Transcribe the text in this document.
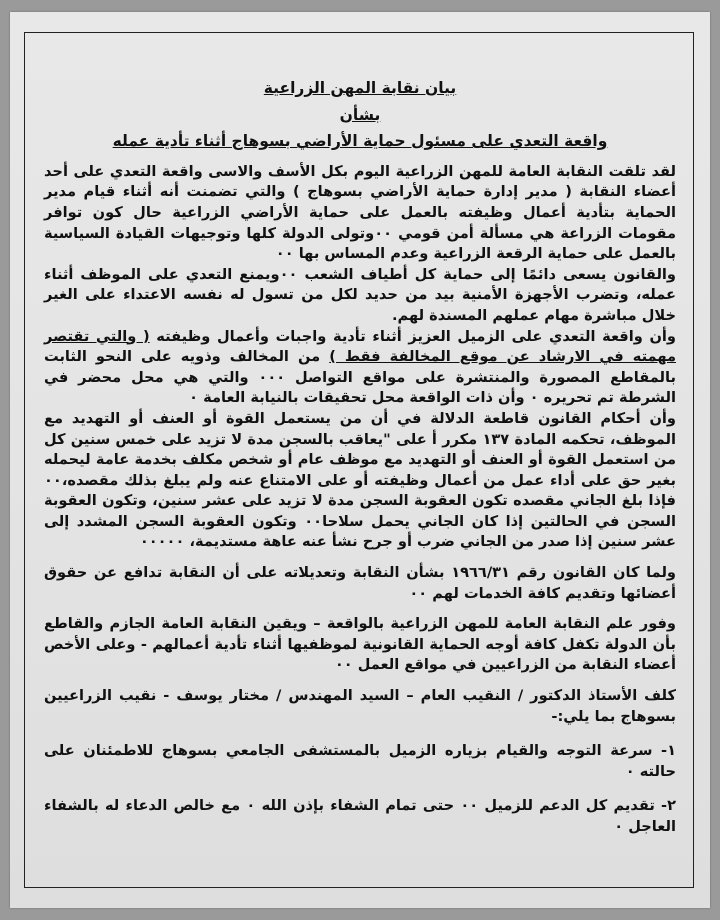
بيان نقابة المهن الزراعية

بشأن

واقعة التعدي على مسئول حماية الأراضي بسوهاج أثناء تأدية عمله

لقد تلقت النقابة العامة للمهن الزراعية اليوم بكل الأسف والاسى واقعة التعدي على أحد أعضاء النقابة ( مدير إدارة حماية الأراضي بسوهاج ) والتي تضمنت أنه أثناء قيام مدير الحماية بتأدية أعمال وظيفته بالعمل على حماية الأراضي الزراعية حال كون توافر مقومات الزراعة هي مسألة أمن قومي ٠٠وتولى الدولة كلها وتوجيهات القيادة السياسية بالعمل على حماية الرقعة الزراعية وعدم المساس بها ٠٠

والقانون يسعى دائمًا إلى حماية كل أطياف الشعب ٠٠ويمنع التعدي على الموظف أثناء عمله، وتضرب الأجهزة الأمنية بيد من حديد لكل من تسول له نفسه الاعتداء على الغير خلال مباشرة مهام عملهم المسندة لهم.

وأن واقعة التعدي على الزميل العزيز أثناء تأدية واجبات وأعمال وظيفته ( والتي تقتصر مهمته في الارشاد عن موقع المخالفة فقط ) من المخالف وذويه على النحو الثابت بالمقاطع المصورة والمنتشرة على مواقع التواصل ٠٠٠ والتي هي محل محضر في الشرطة تم تحريره ٠ وأن ذات الواقعة محل تحقيقات بالنيابة العامة ٠

وأن أحكام القانون قاطعة الدلالة في أن من يستعمل القوة أو العنف أو التهديد مع الموظف، تحكمه المادة ١٣٧ مكرر أ على "يعاقب بالسجن مدة لا تزيد على خمس سنين كل من استعمل القوة أو العنف أو التهديد مع موظف عام أو شخص مكلف بخدمة عامة ليحمله بغير حق على أداء عمل من أعمال وظيفته أو على الامتناع عنه ولم يبلغ بذلك مقصده،٠٠ فإذا بلغ الجاني مقصده تكون العقوبة السجن مدة لا تزيد على عشر سنين، وتكون العقوبة السجن في الحالتين إذا كان الجاني يحمل سلاحا٠٠ وتكون العقوبة السجن المشدد إلى عشر سنين إذا صدر من الجاني ضرب أو جرح نشأ عنه عاهة مستديمة، ٠٠٠٠٠

ولما كان القانون رقم ١٩٦٦/٣١ بشأن النقابة وتعديلاته على أن النقابة تدافع عن حقوق أعضائها وتقديم كافة الخدمات لهم ٠٠

وفور علم النقابة العامة للمهن الزراعية بالواقعة – ويقين النقابة العامة الجازم والقاطع بأن الدولة تكفل كافة أوجه الحماية القانونية لموظفيها أثناء تأدية أعمالهم - وعلى الأخص أعضاء النقابة من الزراعيين في مواقع العمل ٠٠

كلف الأستاذ الدكتور / النقيب العام – السيد المهندس / مختار يوسف - نقيب الزراعيين بسوهاج بما يلي:-

١- سرعة التوجه والقيام بزياره الزميل بالمستشفى الجامعي بسوهاج للاطمئنان على حالته ٠

٢- تقديم كل الدعم للزميل ٠٠ حتى تمام الشفاء بإذن الله ٠ مع خالص الدعاء له بالشفاء العاجل ٠
